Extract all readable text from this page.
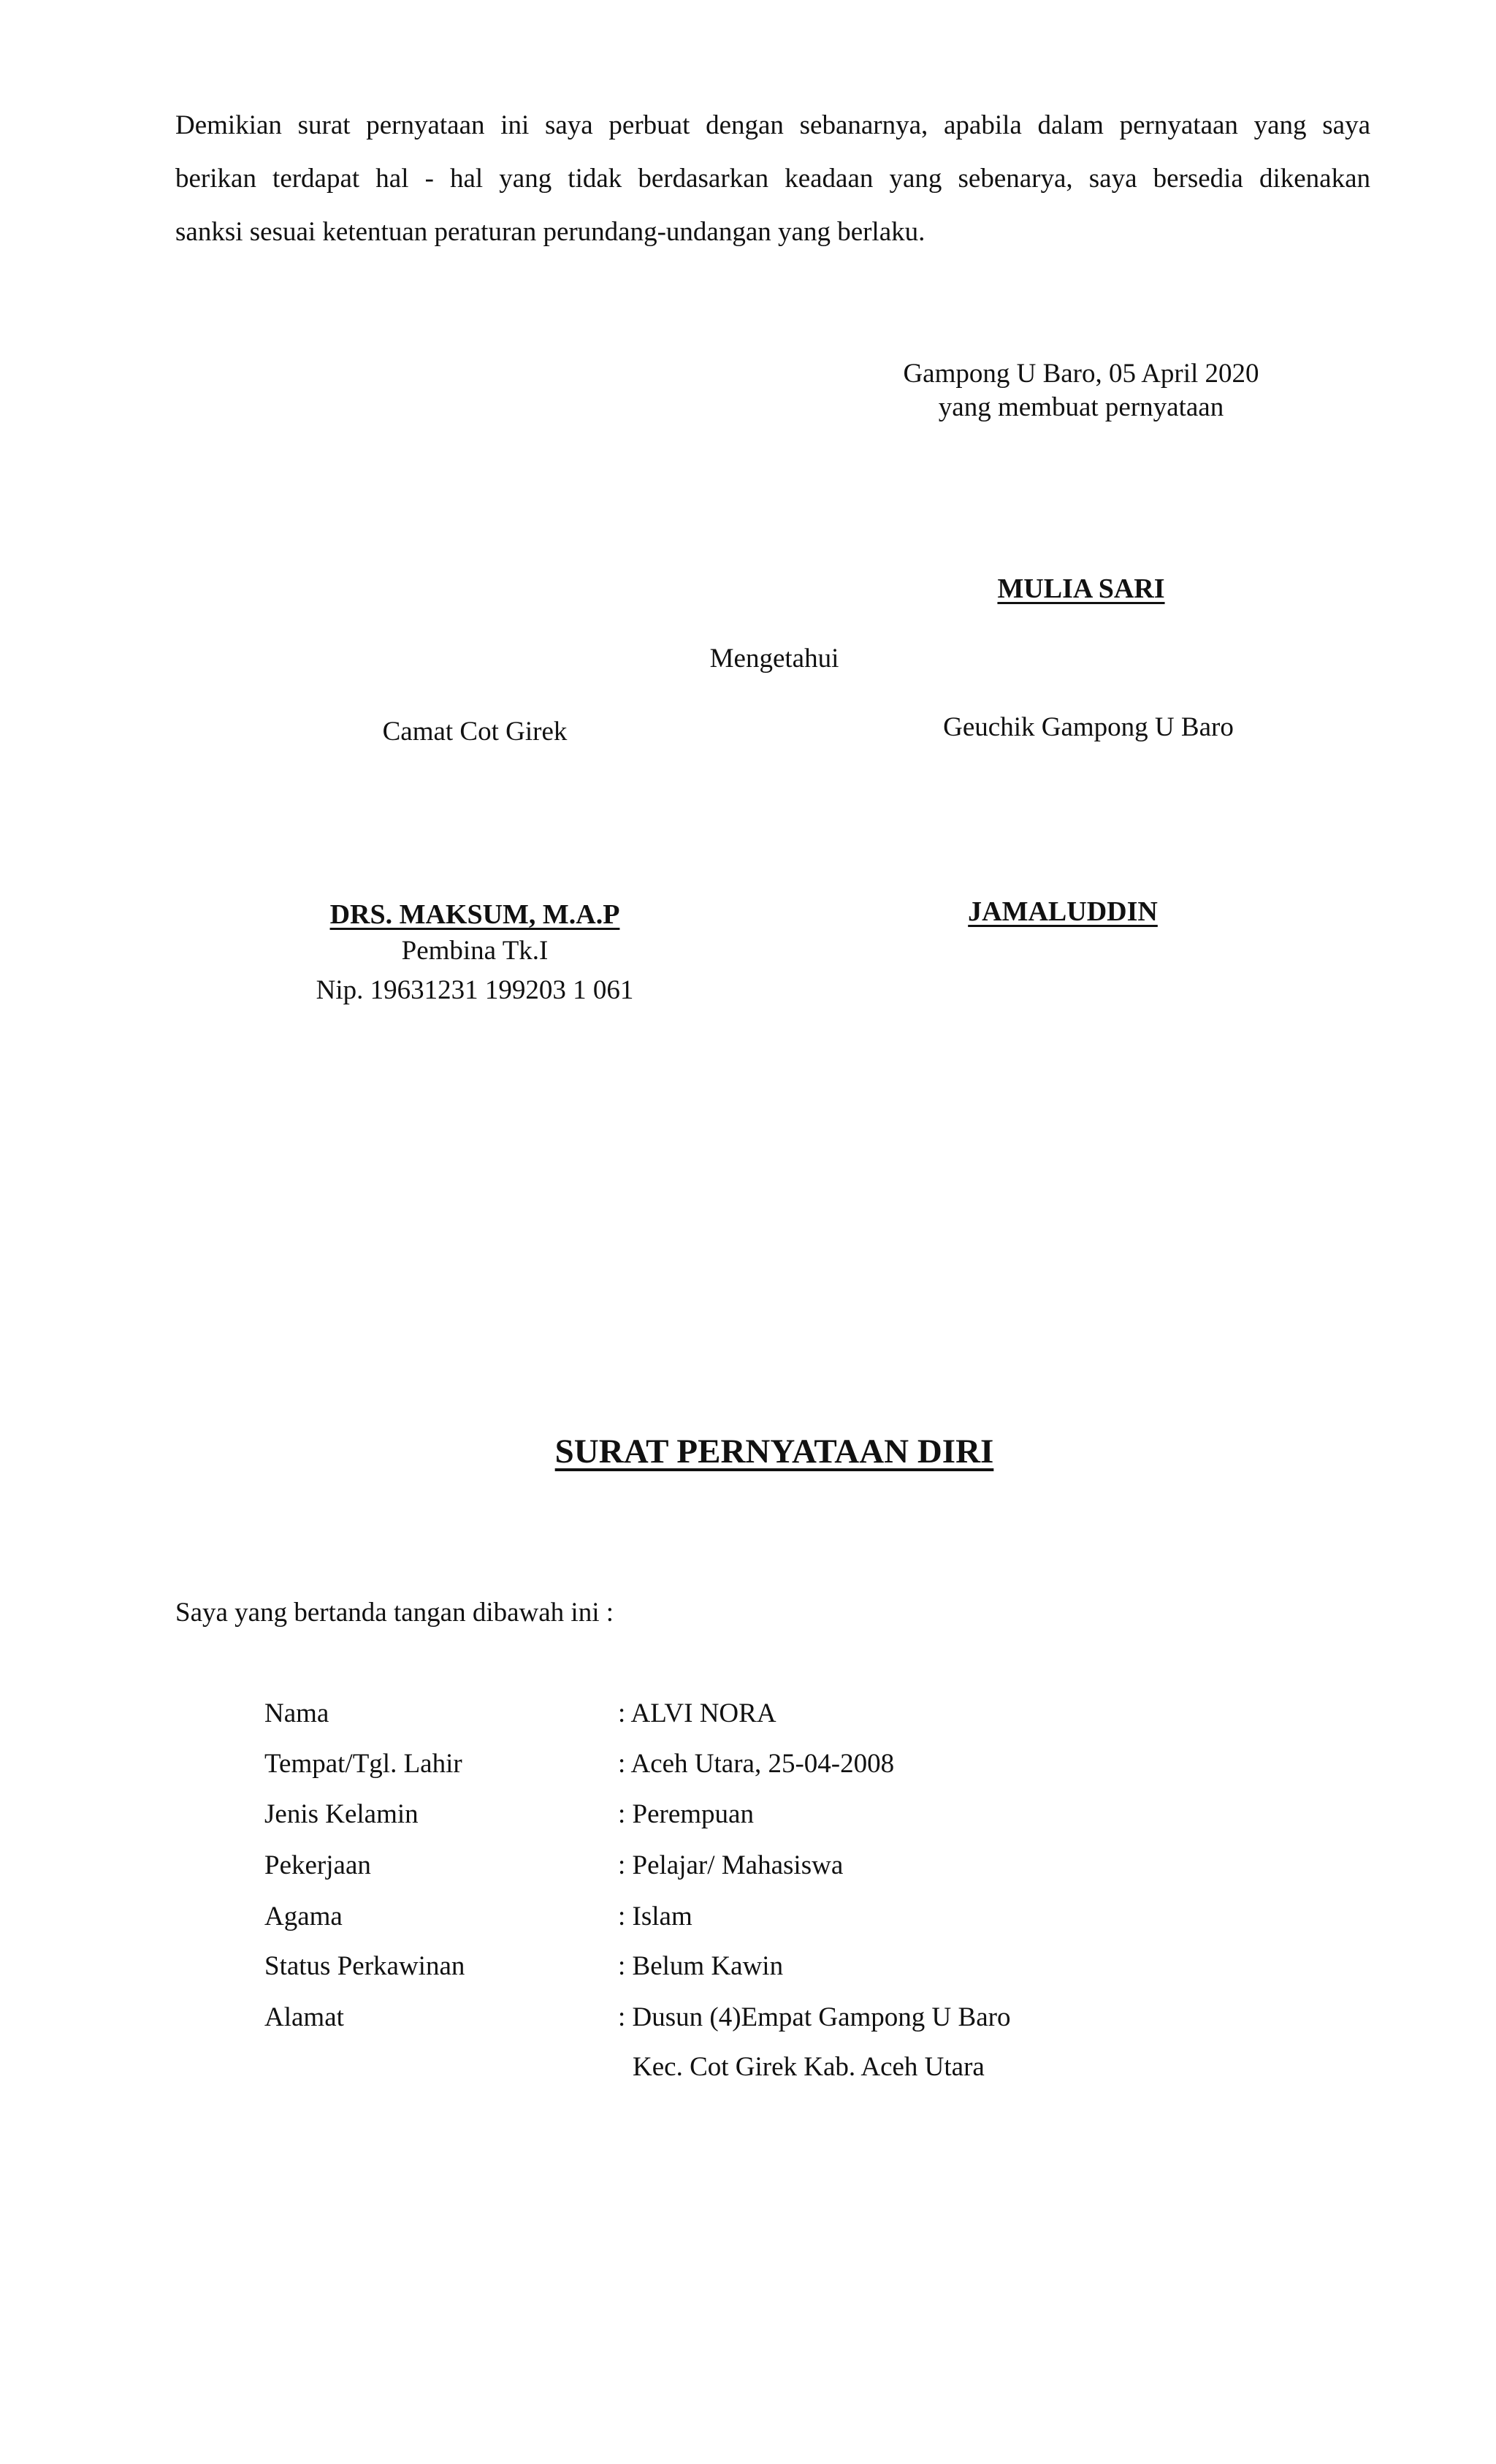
Demikian surat pernyataan ini saya perbuat dengan sebanarnya, apabila dalam pernyataan yang saya
berikan terdapat hal - hal yang tidak berdasarkan keadaan yang sebenarya, saya bersedia dikenakan
sanksi sesuai ketentuan peraturan perundang-undangan yang berlaku.
Gampong U Baro, 05 April 2020
yang membuat pernyataan
MULIA SARI
Mengetahui
Camat Cot Girek	Geuchik Gampong U Baro
DRS. MAKSUM, M.A.P
Pembina Tk.I
Nip. 19631231 199203 1 061
JAMALUDDIN
SURAT PERNYATAAN DIRI
Saya yang bertanda tangan dibawah ini :
Nama	: ALVI NORA
Tempat/Tgl. Lahir	: Aceh Utara, 25-04-2008
Jenis Kelamin	: Perempuan
Pekerjaan	: Pelajar/ Mahasiswa
Agama	: Islam
Status Perkawinan	: Belum Kawin
Alamat	: Dusun (4)Empat Gampong U Baro
Kec. Cot Girek Kab. Aceh Utara
